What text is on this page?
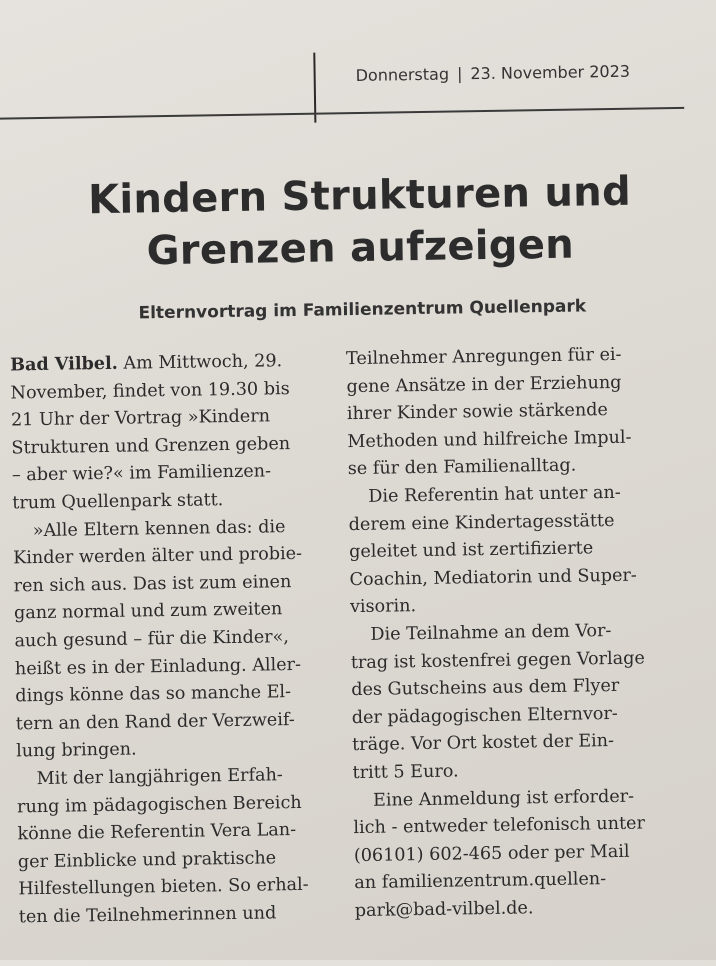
Donnerstag | 23. November 2023
Kindern Strukturen und
Grenzen aufzeigen
Elternvortrag im Familienzentrum Quellenpark
Bad Vilbel. Am Mittwoch, 29.
November, findet von 19.30 bis
21 Uhr der Vortrag »Kindern
Strukturen und Grenzen geben
– aber wie?« im Familienzen-
trum Quellenpark statt.
»Alle Eltern kennen das: die
Kinder werden älter und probie-
ren sich aus. Das ist zum einen
ganz normal und zum zweiten
auch gesund – für die Kinder«,
heißt es in der Einladung. Aller-
dings könne das so manche El-
tern an den Rand der Verzweif-
lung bringen.
Mit der langjährigen Erfah-
rung im pädagogischen Bereich
könne die Referentin Vera Lan-
ger Einblicke und praktische
Hilfestellungen bieten. So erhal-
ten die Teilnehmerinnen und
Teilnehmer Anregungen für ei-
gene Ansätze in der Erziehung
ihrer Kinder sowie stärkende
Methoden und hilfreiche Impul-
se für den Familienalltag.
Die Referentin hat unter an-
derem eine Kindertagesstätte
geleitet und ist zertifizierte
Coachin, Mediatorin und Super-
visorin.
Die Teilnahme an dem Vor-
trag ist kostenfrei gegen Vorlage
des Gutscheins aus dem Flyer
der pädagogischen Elternvor-
träge. Vor Ort kostet der Ein-
tritt 5 Euro.
Eine Anmeldung ist erforder-
lich - entweder telefonisch unter
(06101) 602-465 oder per Mail
an familienzentrum.quellen-
park@bad-vilbel.de.
